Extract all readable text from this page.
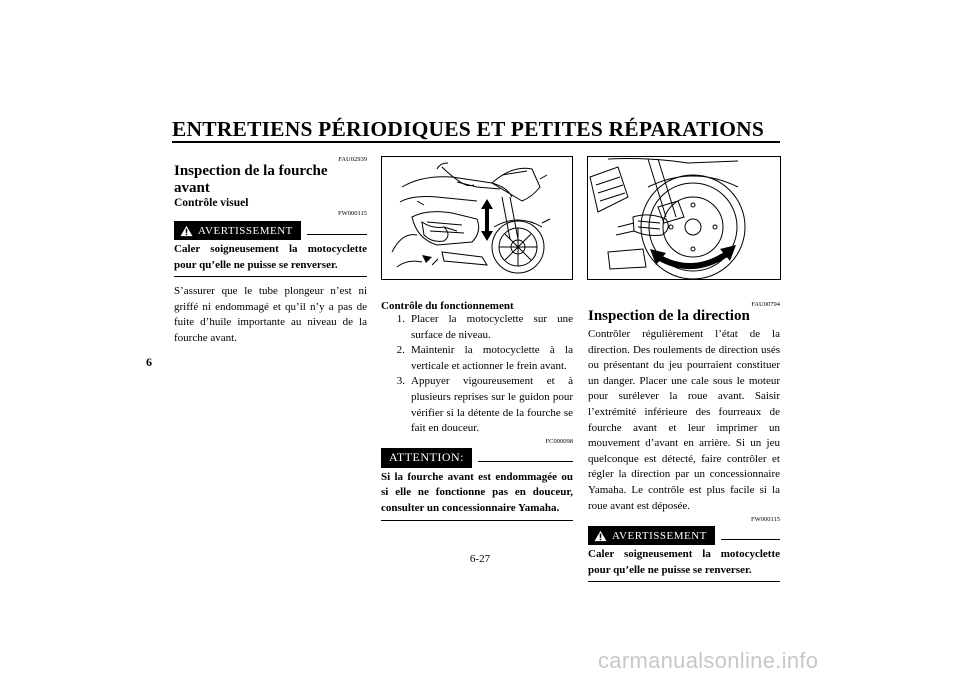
ENTRETIENS PÉRIODIQUES ET PETITES RÉPARATIONS
6
FAU02939
Inspection de la fourche avant
Contrôle visuel
FW000115
AVERTISSEMENT

Caler soigneusement la motocyclette pour qu’elle ne puisse se renverser.

S’assurer que le tube plongeur n’est ni griffé ni endommagé et qu’il n’y a pas de fuite d’huile importante au niveau de la fourche avant.

Contrôle du fonctionnement
1. Placer la motocyclette sur une surface de niveau.
2. Maintenir la motocyclette à la verticale et actionner le frein avant.
3. Appuyer vigoureusement et à plusieurs reprises sur le guidon pour vérifier si la détente de la fourche se fait en douceur.
FC000098
ATTENTION:

Si la fourche avant est endommagée ou si elle ne fonctionne pas en douceur, consulter un concessionnaire Yamaha.

FAU00794
Inspection de la direction

Contrôler régulièrement l’état de la direction. Des roulements de direction usés ou présentant du jeu pourraient constituer un danger. Placer une cale sous le moteur pour surélever la roue avant. Saisir l’extrémité inférieure des fourreaux de fourche avant et leur imprimer un mouvement d’avant en arrière. Si un jeu quelconque est détecté, faire contrôler et régler la direction par un concessionnaire Yamaha. Le contrôle est plus facile si la roue avant est déposée.

FW000115
AVERTISSEMENT

Caler soigneusement la motocyclette pour qu’elle ne puisse se renverser.

6-27
carmanualsonline.info
